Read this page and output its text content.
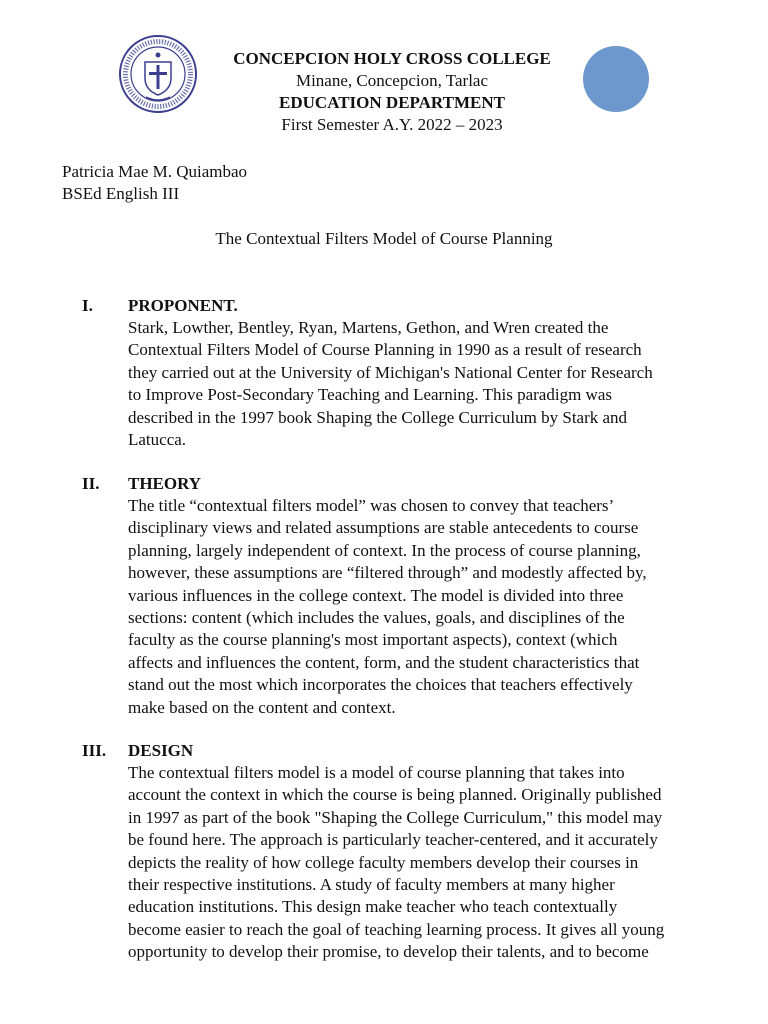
CONCEPCION HOLY CROSS COLLEGE
Minane, Concepcion, Tarlac
EDUCATION DEPARTMENT
First Semester A.Y. 2022 – 2023
Patricia Mae M. Quiambao
BSEd English III
The Contextual Filters Model of Course Planning
I. PROPONENT.
Stark, Lowther, Bentley, Ryan, Martens, Gethon, and Wren created the
Contextual Filters Model of Course Planning in 1990 as a result of research
they carried out at the University of Michigan's National Center for Research
to Improve Post-Secondary Teaching and Learning. This paradigm was
described in the 1997 book Shaping the College Curriculum by Stark and
Latucca.
II. THEORY
The title “contextual filters model” was chosen to convey that teachers’
disciplinary views and related assumptions are stable antecedents to course
planning, largely independent of context. In the process of course planning,
however, these assumptions are “filtered through” and modestly affected by,
various influences in the college context. The model is divided into three
sections: content (which includes the values, goals, and disciplines of the
faculty as the course planning's most important aspects), context (which
affects and influences the content, form, and the student characteristics that
stand out the most which incorporates the choices that teachers effectively
make based on the content and context.
III. DESIGN
The contextual filters model is a model of course planning that takes into
account the context in which the course is being planned. Originally published
in 1997 as part of the book "Shaping the College Curriculum," this model may
be found here. The approach is particularly teacher-centered, and it accurately
depicts the reality of how college faculty members develop their courses in
their respective institutions. A study of faculty members at many higher
education institutions. This design make teacher who teach contextually
become easier to reach the goal of teaching learning process. It gives all young
opportunity to develop their promise, to develop their talents, and to become
